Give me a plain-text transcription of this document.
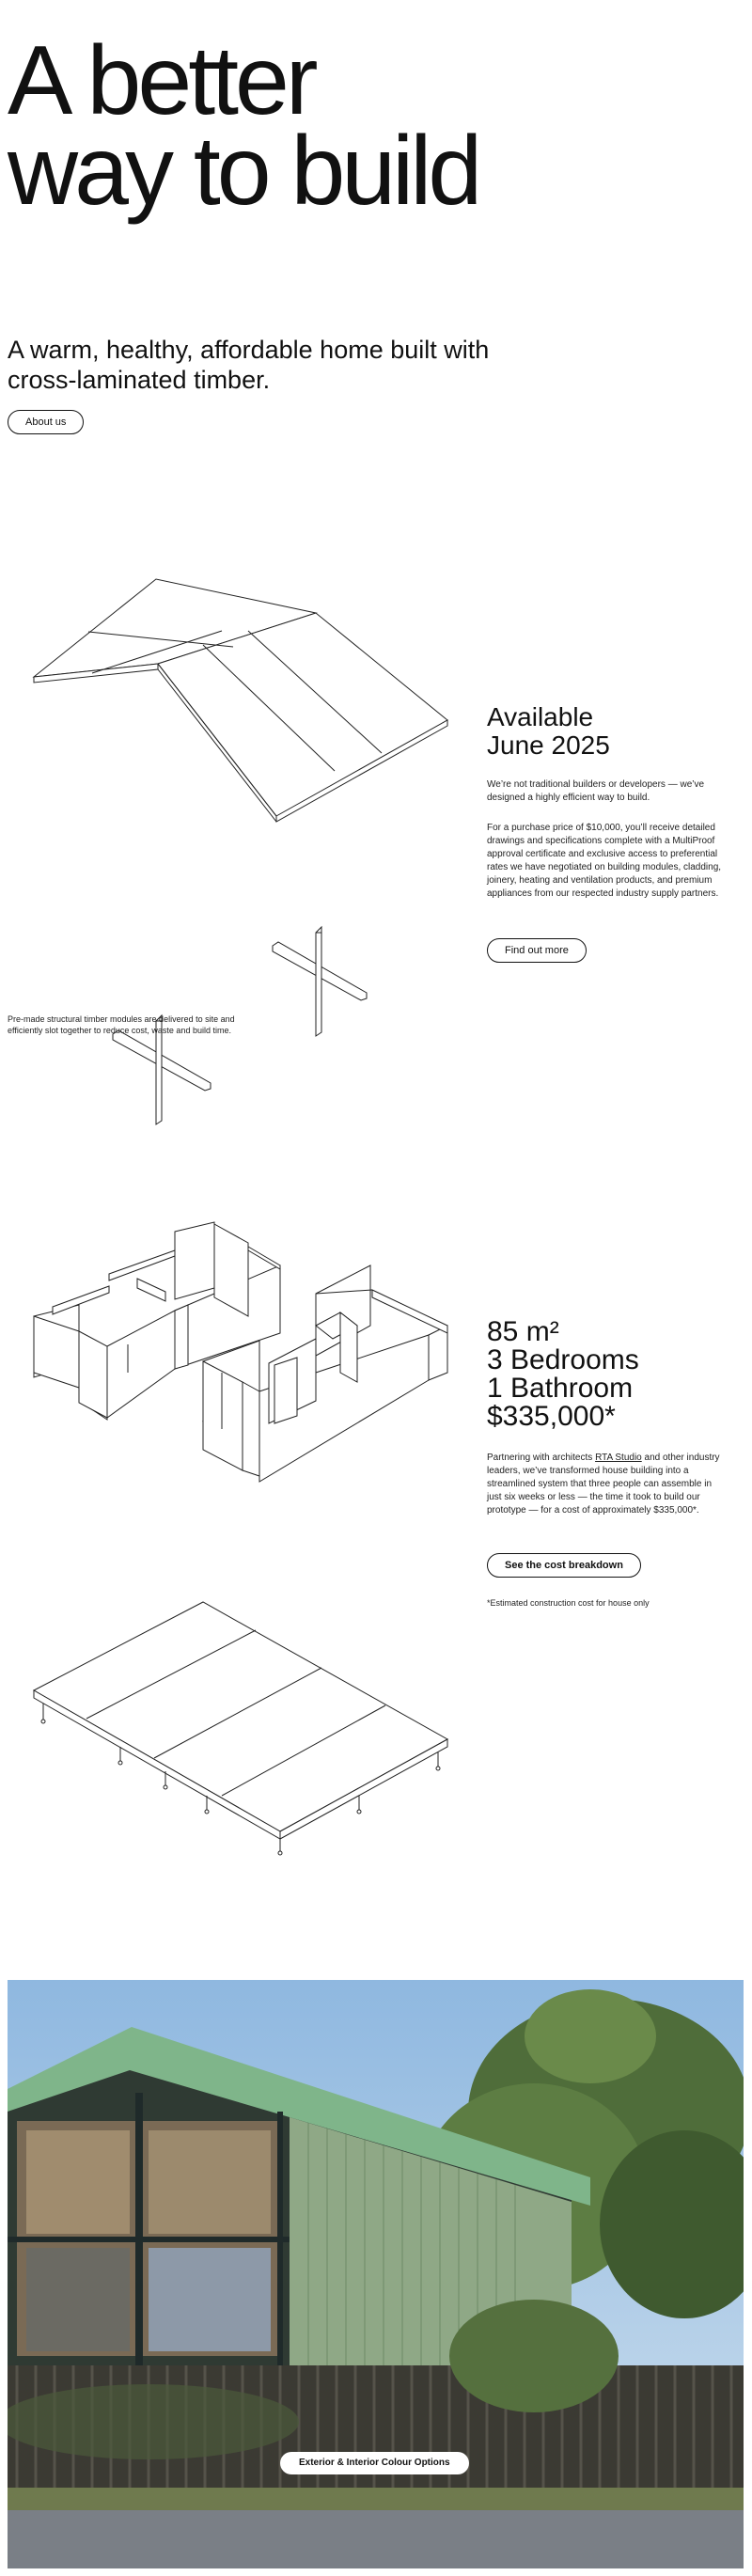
A better
way to build
A warm, healthy, affordable home built with
cross-laminated timber.
About us
Available
June 2025

We’re not traditional builders or developers — we’ve designed a highly efficient way to build.

For a purchase price of $10,000, you’ll receive detailed drawings and specifications complete with a MultiProof approval certificate and exclusive access to preferential rates we have negotiated on building modules, cladding, joinery, heating and ventilation products, and premium appliances from our respected industry supply partners.

Find out more

Pre-made structural timber modules are delivered to site and efficiently slot together to reduce cost, waste and build time.

85 m²
3 Bedrooms
1 Bathroom
$335,000*

Partnering with architects RTA Studio and other industry leaders, we’ve transformed house building into a streamlined system that three people can assemble in just six weeks or less — the time it took to build our prototype — for a cost of approximately $335,000*.

See the cost breakdown

*Estimated construction cost for house only

Exterior & Interior Colour Options
